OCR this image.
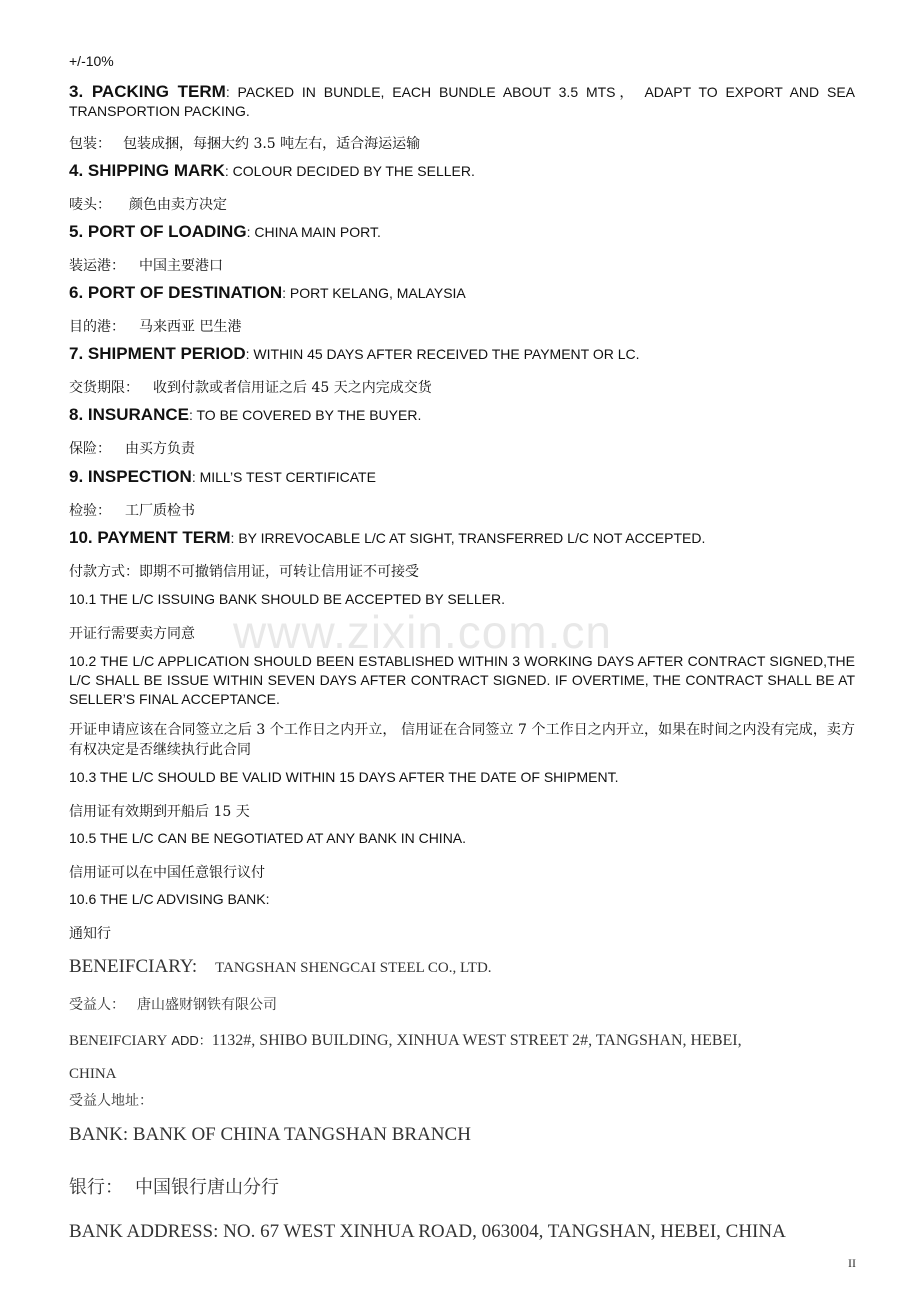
+/-10%
3. PACKING TERM: PACKED IN BUNDLE, EACH BUNDLE ABOUT 3.5 MTS， ADAPT TO EXPORT AND SEA TRANSPORTION PACKING.
包装： 包装成捆，每捆大约 3.5 吨左右，适合海运运输
4. SHIPPING MARK: COLOUR DECIDED BY THE SELLER.
唛头： 颜色由卖方决定
5. PORT OF LOADING: CHINA MAIN PORT.
装运港： 中国主要港口
6. PORT OF DESTINATION: PORT KELANG, MALAYSIA
目的港： 马来西亚 巴生港
7. SHIPMENT PERIOD: WITHIN 45 DAYS AFTER RECEIVED THE PAYMENT OR LC.
交货期限： 收到付款或者信用证之后 45 天之内完成交货
8. INSURANCE: TO BE COVERED BY THE BUYER.
保险： 由买方负责
9. INSPECTION: MILL’S TEST CERTIFICATE
检验： 工厂质检书
10. PAYMENT TERM: BY IRREVOCABLE L/C AT SIGHT, TRANSFERRED L/C NOT ACCEPTED.
付款方式：即期不可撤销信用证，可转让信用证不可接受
10.1 THE L/C ISSUING BANK SHOULD BE ACCEPTED BY SELLER.
开证行需要卖方同意
10.2 THE L/C APPLICATION SHOULD BEEN ESTABLISHED WITHIN 3 WORKING DAYS AFTER CONTRACT SIGNED,THE L/C SHALL BE ISSUE WITHIN SEVEN DAYS AFTER CONTRACT SIGNED. IF OVERTIME, THE CONTRACT SHALL BE AT SELLER’S FINAL ACCEPTANCE.
开证申请应该在合同签立之后 3 个工作日之内开立， 信用证在合同签立 7 个工作日之内开立，如果在时间之内没有完成，卖方有权决定是否继续执行此合同
10.3 THE L/C SHOULD BE VALID WITHIN 15 DAYS AFTER THE DATE OF SHIPMENT.
信用证有效期到开船后 15 天
10.5 THE L/C CAN BE NEGOTIATED AT ANY BANK IN CHINA.
信用证可以在中国任意银行议付
10.6 THE L/C ADVISING BANK:
通知行
BENEIFCIARY: TANGSHAN SHENGCAI STEEL CO., LTD.
受益人： 唐山盛财钢铁有限公司
BENEIFCIARY ADD：1132#, SHIBO BUILDING, XINHUA WEST STREET 2#, TANGSHAN, HEBEI,
CHINA
受益人地址：
BANK: BANK OF CHINA TANGSHAN BRANCH
银行： 中国银行唐山分行
BANK ADDRESS: NO. 67 WEST XINHUA ROAD, 063004, TANGSHAN, HEBEI, CHINA
www.zixin.com.cn
II
